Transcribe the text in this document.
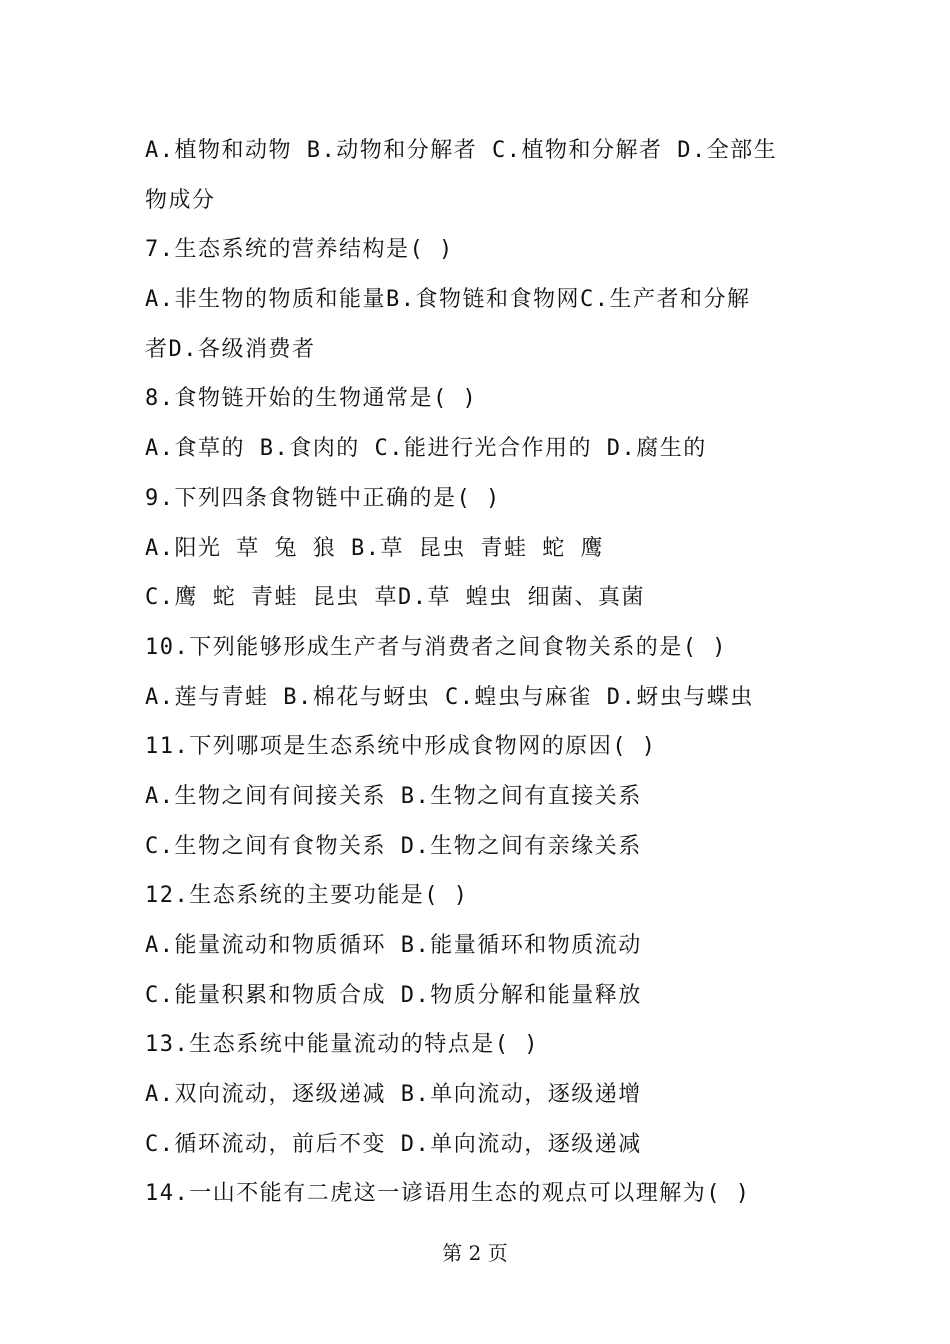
A.植物和动物 B.动物和分解者 C.植物和分解者 D.全部生
物成分
7.生态系统的营养结构是( )
A.非生物的物质和能量B.食物链和食物网C.生产者和分解
者D.各级消费者
8.食物链开始的生物通常是( )
A.食草的 B.食肉的 C.能进行光合作用的 D.腐生的
9.下列四条食物链中正确的是( )
A.阳光 草 兔 狼 B.草 昆虫 青蛙 蛇 鹰
C.鹰 蛇 青蛙 昆虫 草D.草 蝗虫 细菌、真菌
10.下列能够形成生产者与消费者之间食物关系的是( )
A.莲与青蛙 B.棉花与蚜虫 C.蝗虫与麻雀 D.蚜虫与蝶虫
11.下列哪项是生态系统中形成食物网的原因( )
A.生物之间有间接关系 B.生物之间有直接关系
C.生物之间有食物关系 D.生物之间有亲缘关系
12.生态系统的主要功能是( )
A.能量流动和物质循环 B.能量循环和物质流动
C.能量积累和物质合成 D.物质分解和能量释放
13.生态系统中能量流动的特点是( )
A.双向流动，逐级递减 B.单向流动，逐级递增
C.循环流动，前后不变 D.单向流动，逐级递减
14.一山不能有二虎这一谚语用生态的观点可以理解为( )
第 2 页
